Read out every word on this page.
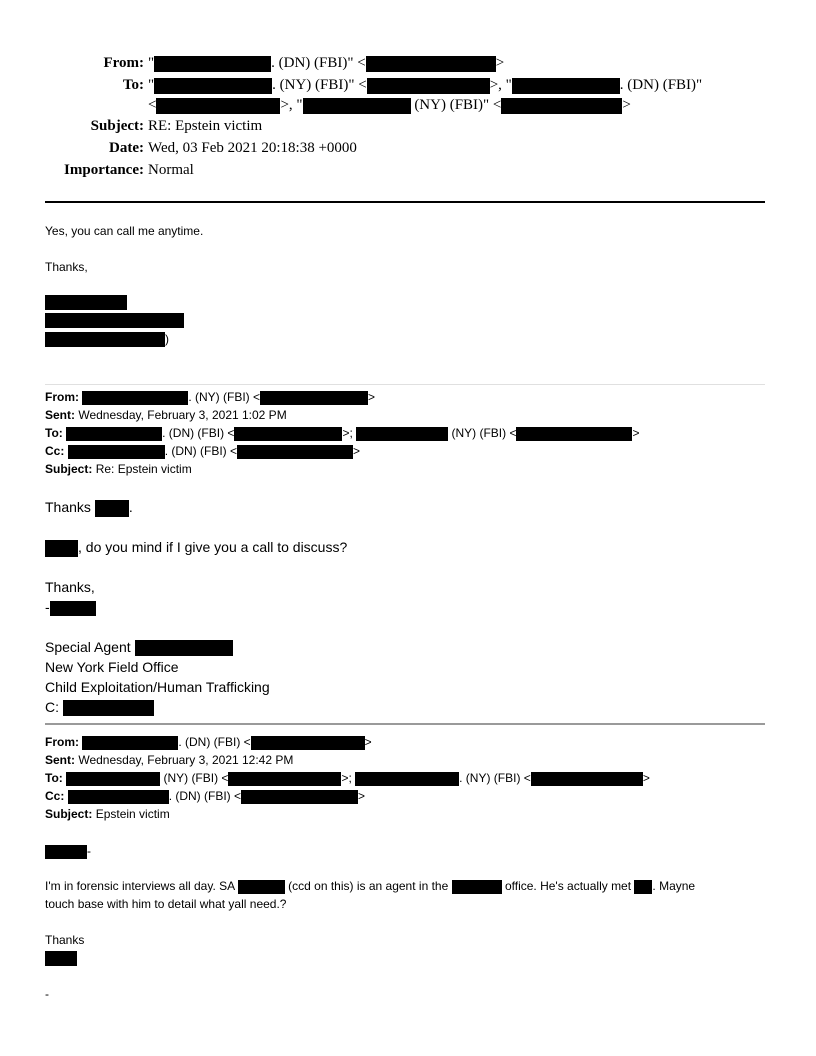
From: "	. (DN) (FBI)" <	>
To: "	. (NY) (FBI)" <	>, "	. (DN) (FBI)"
<	>, "	(NY) (FBI)" <	>
Subject: RE: Epstein victim
Date: Wed, 03 Feb 2021 20:18:38 +0000
Importance: Normal
Yes, you can call me anytime.
Thanks,
)
From:	. (NY) (FBI) <	>
Sent: Wednesday, February 3, 2021 1:02 PM
To:	. (DN) (FBI) <	>;	(NY) (FBI) <	>
Cc:	. (DN) (FBI) <	>
Subject: Re: Epstein victim
Thanks	.
, do you mind if I give you a call to discuss?
Thanks,
-
Special Agent
New York Field Office
Child Exploitation/Human Trafficking
C:
From:	. (DN) (FBI) <	>
Sent: Wednesday, February 3, 2021 12:42 PM
To:	(NY) (FBI) <	>;	. (NY) (FBI) <	>
Cc:	. (DN) (FBI) <	>
Subject: Epstein victim
-
I'm in forensic interviews all day. SA	(ccd on this) is an agent in the	office. He's actually met . Mayne
touch base with him to detail what yall need.?
Thanks
-
